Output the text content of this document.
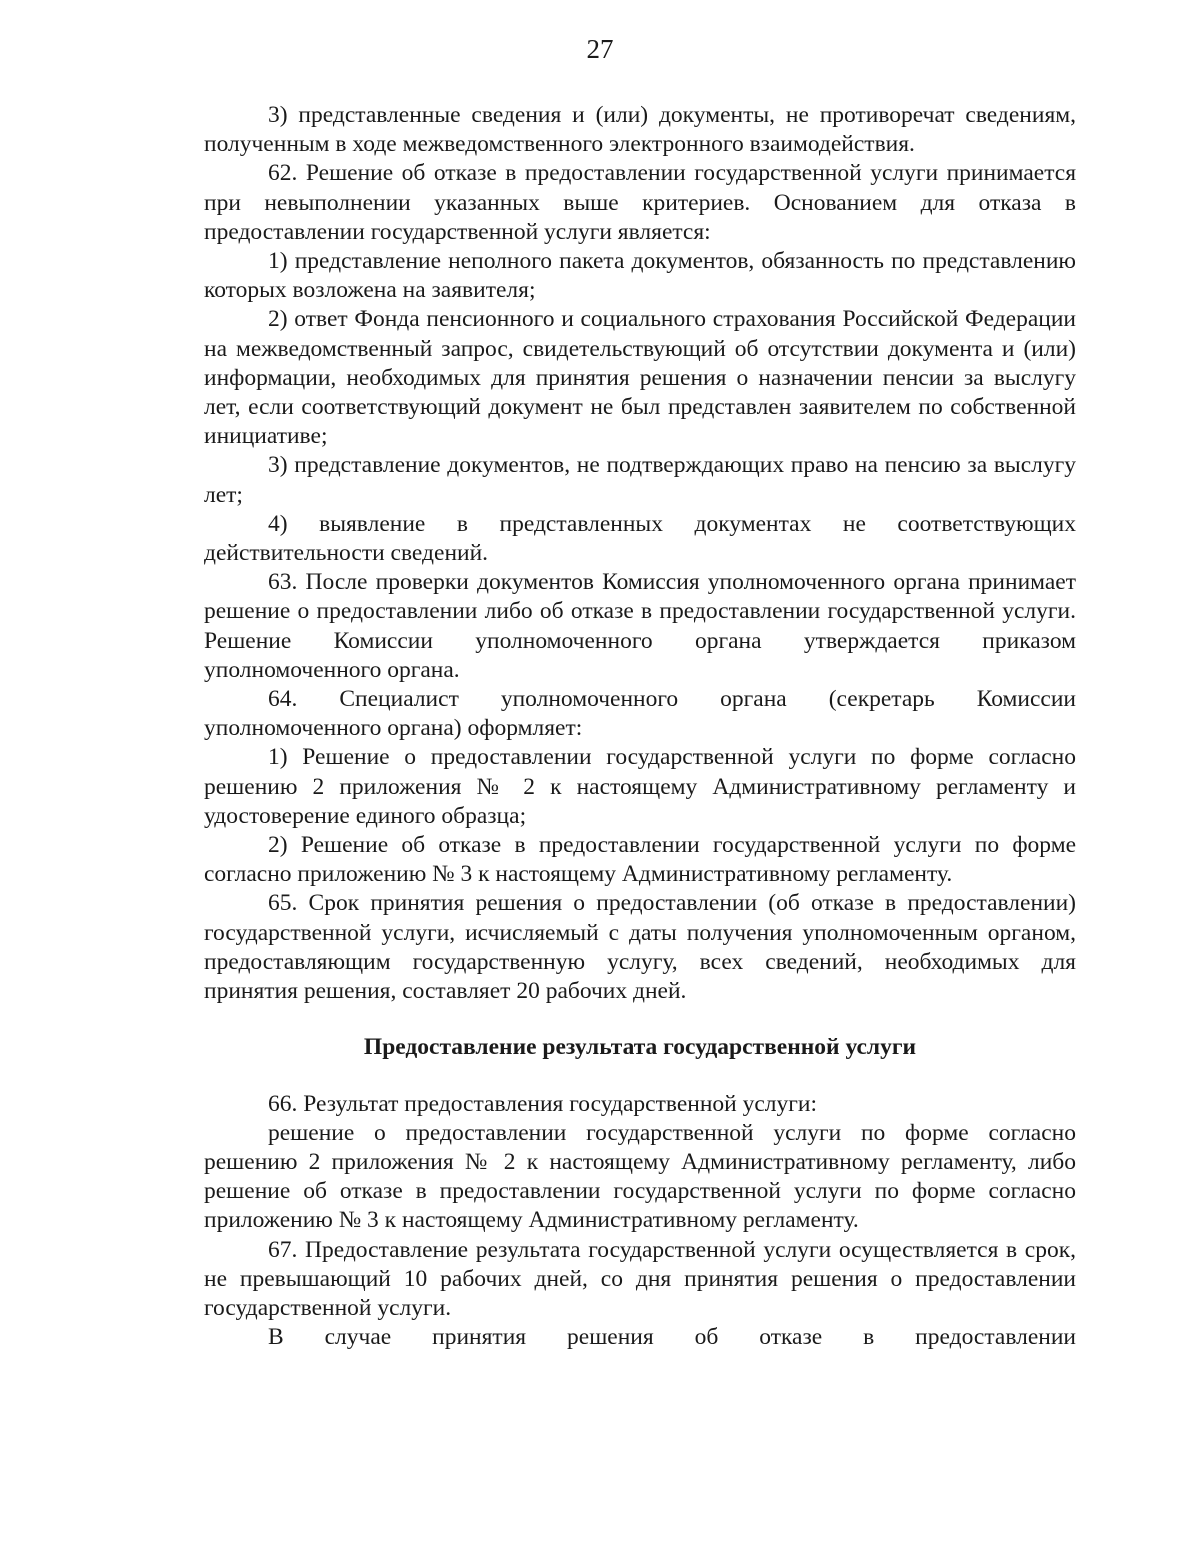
27

3) представленные сведения и (или) документы, не противоречат сведениям, полученным в ходе межведомственного электронного взаимодействия.

62. Решение об отказе в предоставлении государственной услуги принимается при невыполнении указанных выше критериев. Основанием для отказа в предоставлении государственной услуги является:

1) представление неполного пакета документов, обязанность по представлению которых возложена на заявителя;

2) ответ Фонда пенсионного и социального страхования Российской Федерации на межведомственный запрос, свидетельствующий об отсутствии документа и (или) информации, необходимых для принятия решения о назначении пенсии за выслугу лет, если соответствующий документ не был представлен заявителем по собственной инициативе;

3) представление документов, не подтверждающих право на пенсию за выслугу лет;

4) выявление в представленных документах не соответствующих действительности сведений.

63. После проверки документов Комиссия уполномоченного органа принимает решение о предоставлении либо об отказе в предоставлении государственной услуги. Решение Комиссии уполномоченного органа утверждается приказом уполномоченного органа.

64. Специалист уполномоченного органа (секретарь Комиссии уполномоченного органа) оформляет:

1) Решение о предоставлении государственной услуги по форме согласно решению 2 приложения № 2 к настоящему Административному регламенту и удостоверение единого образца;

2) Решение об отказе в предоставлении государственной услуги по форме согласно приложению № 3 к настоящему Административному регламенту.

65. Срок принятия решения о предоставлении (об отказе в предоставлении) государственной услуги, исчисляемый с даты получения уполномоченным органом, предоставляющим государственную услугу, всех сведений, необходимых для принятия решения, составляет 20 рабочих дней.

Предоставление результата государственной услуги

66. Результат предоставления государственной услуги:

решение о предоставлении государственной услуги по форме согласно решению 2 приложения № 2 к настоящему Административному регламенту, либо решение об отказе в предоставлении государственной услуги по форме согласно приложению № 3 к настоящему Административному регламенту.

67. Предоставление результата государственной услуги осуществляется в срок, не превышающий 10 рабочих дней, со дня принятия решения о предоставлении государственной услуги.

В случае принятия решения об отказе в предоставлении
